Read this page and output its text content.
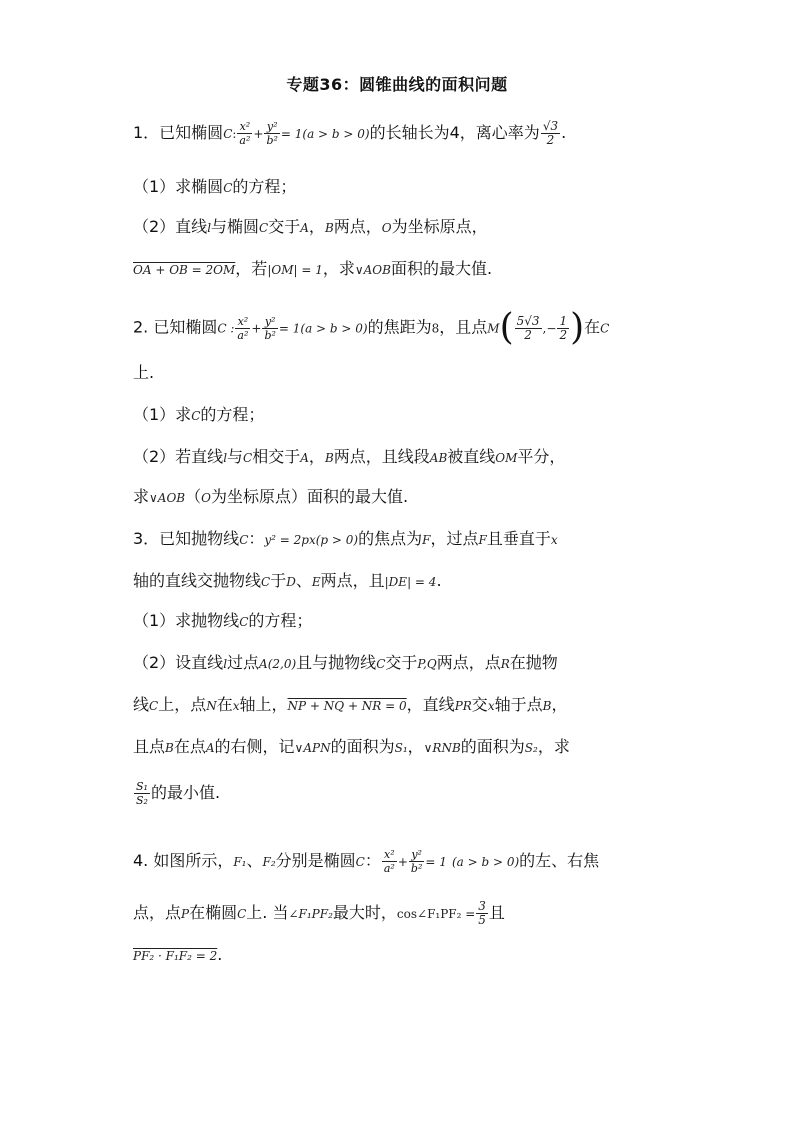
专题36：圆锥曲线的面积问题
1．已知椭圆C: $\frac{\text{x²}}{\text{a²}} + \frac{\text{y²}}{\text{b²}} = 1(a > b > 0)$的长轴长为4，离心率为 $\frac{√3}{2}$ .
（1）求椭圆C的方程；
（2）直线l与椭圆C交于A，B两点，O为坐标原点，
OA + OB = 2OM，若|OM| = 1，求∨AOB面积的最大值.
2. 已知椭圆C : $\frac{\text{x²}}{\text{a²}} + \frac{\text{y²}}{\text{b²}} = 1(a > b > 0)$的焦距为8，且点$M( \frac{5√3}{2}$ ,− $\frac{1}{2}$ )在C
上.
（1）求C的方程；
（2）若直线l与C相交于A，B两点，且线段AB被直线OM平分，
求∨AOB（O为坐标原点）面积的最大值.
3．已知抛物线C：y² = 2px(p > 0)的焦点为F，过点F且垂直于x
轴的直线交抛物线C于D、E两点，且|DE| = 4.
（1）求抛物线C的方程；
（2）设直线l过点A(2,0)且与抛物线C交于P,Q两点，点R在抛物
线C上，点N在x轴上，NP + NQ + NR = 0，直线PR交x轴于点B，
且点B在点A的右侧，记∨APN的面积为S₁，∨RNB的面积为S₂，求
$\frac{\text{S₁}}{\text{S₂}}$ 的最小值.
4. 如图所示，F₁、F₂分别是椭圆C： $\frac{\text{x²}}{\text{a²}} + \frac{\text{y²}}{\text{b²}} = 1$ (a > b > 0)的左、右焦
点，点P在椭圆C上. 当∠F₁PF₂最大时，cos∠F₁PF₂ = $\frac{3}{5}$ 且
PF₂ · F₁F₂ = 2.
